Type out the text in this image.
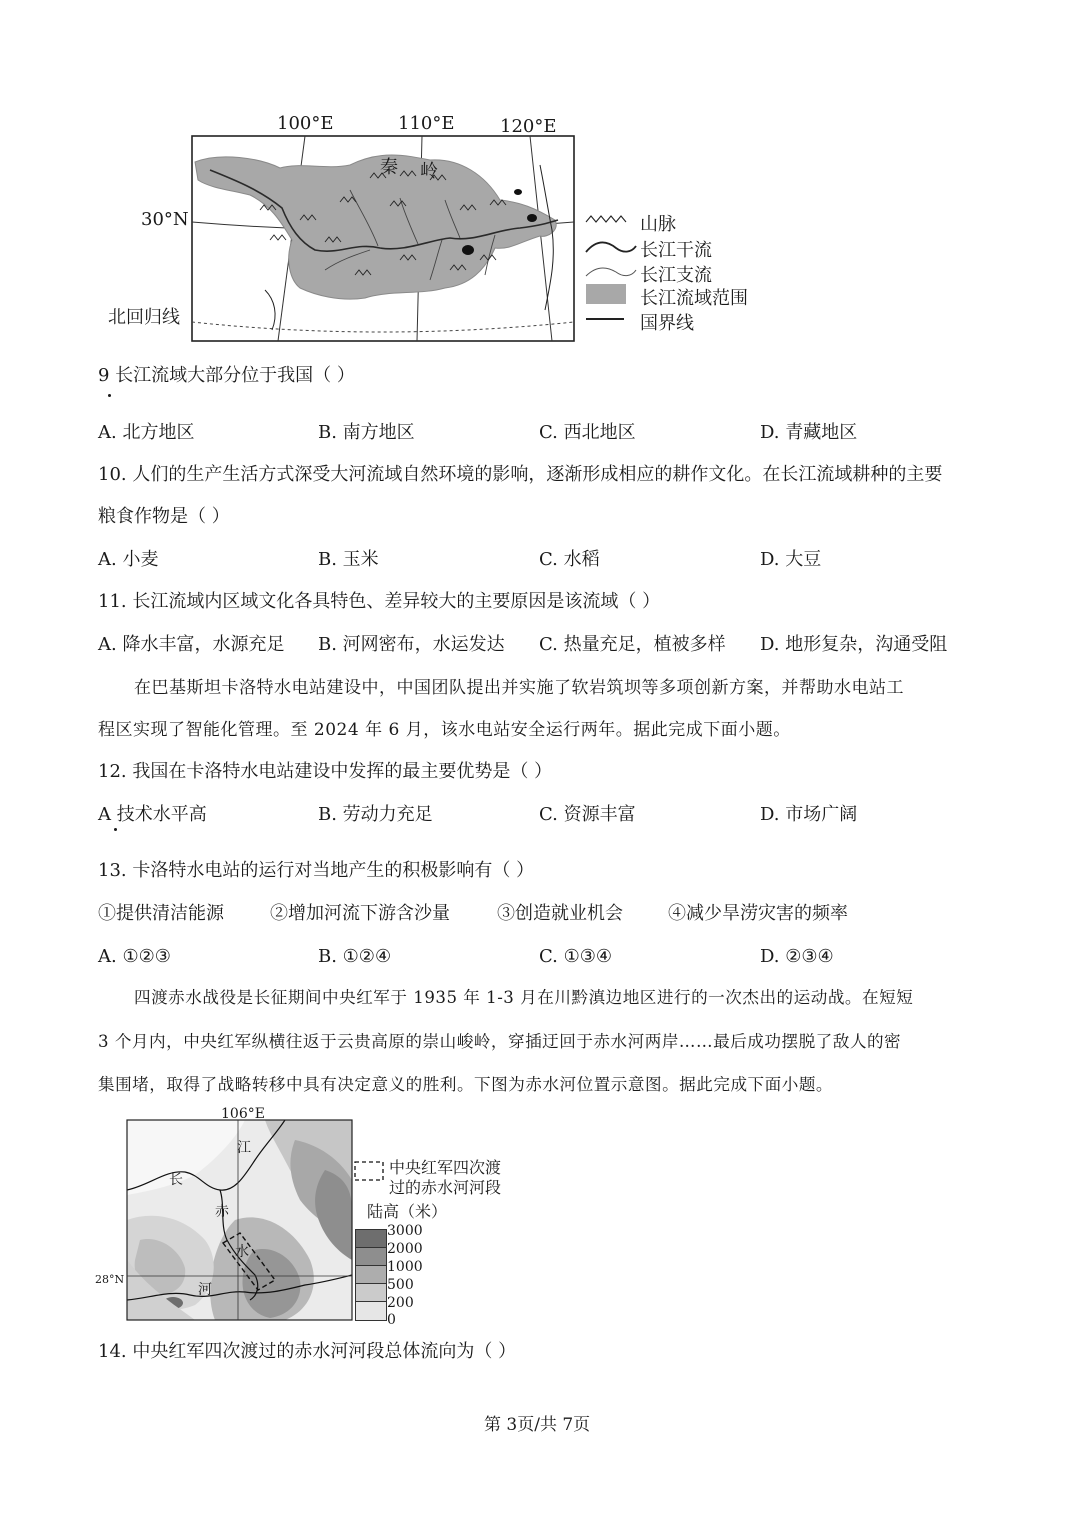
100°E	110°E	120°E
30°N
北回归线
秦 岭
山脉
长江干流
长江支流
长江流域范围
国界线
9 长江流域大部分位于我国（ ）
A. 北方地区	B. 南方地区	C. 西北地区	D. 青藏地区
10. 人们的生产生活方式深受大河流域自然环境的影响，逐渐形成相应的耕作文化。在长江流域耕种的主要
粮食作物是（ ）
A. 小麦	B. 玉米	C. 水稻	D. 大豆
11. 长江流域内区域文化各具特色、差异较大的主要原因是该流域（ ）
A. 降水丰富，水源充足 B. 河网密布，水运发达 C. 热量充足，植被多样 D. 地形复杂，沟通受阻
在巴基斯坦卡洛特水电站建设中，中国团队提出并实施了软岩筑坝等多项创新方案，并帮助水电站工
程区实现了智能化管理。至 2024 年 6 月，该水电站安全运行两年。据此完成下面小题。
12. 我国在卡洛特水电站建设中发挥的最主要优势是（ ）
A 技术水平高	B. 劳动力充足	C. 资源丰富	D. 市场广阔
13. 卡洛特水电站的运行对当地产生的积极影响有（ ）
①提供清洁能源	②增加河流下游含沙量	③创造就业机会	④减少旱涝灾害的频率
A. ①②③	B. ①②④	C. ①③④	D. ②③④
四渡赤水战役是长征期间中央红军于 1935 年 1-3 月在川黔滇边地区进行的一次杰出的运动战。在短短
3 个月内，中央红军纵横往返于云贵高原的崇山峻岭，穿插迂回于赤水河两岸……最后成功摆脱了敌人的密
集围堵，取得了战略转移中具有决定意义的胜利。下图为赤水河位置示意图。据此完成下面小题。
106°E
28°N
江
长
赤
水
河
中央红军四次渡
过的赤水河河段
陆高（米）
3000
2000
1000
500
200
0
14. 中央红军四次渡过的赤水河河段总体流向为（ ）
第 3页/共 7页
